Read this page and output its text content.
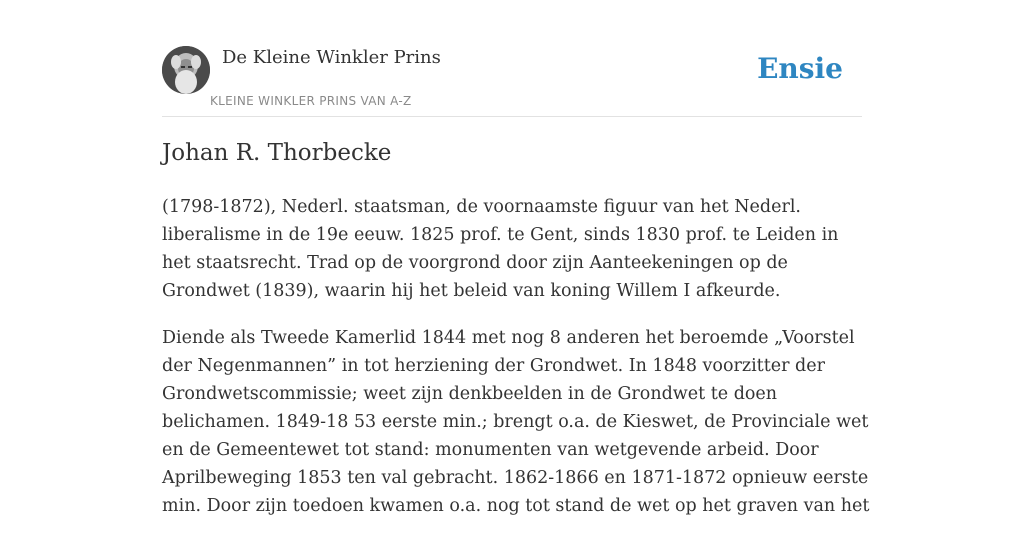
De Kleine Winkler Prins
KLEINE WINKLER PRINS VAN A-Z
Ensie
Johan R. Thorbecke

(1798-1872), Nederl. staatsman, de voornaamste figuur van het Nederl. liberalisme in de 19e eeuw. 1825 prof. te Gent, sinds 1830 prof. te Leiden in het staatsrecht. Trad op de voorgrond door zijn Aanteekeningen op de Grondwet (1839), waarin hij het beleid van koning Willem I afkeurde.

Diende als Tweede Kamerlid 1844 met nog 8 anderen het beroemde „Voorstel der Negenmannen” in tot herziening der Grondwet. In 1848 voorzitter der Grondwetscommissie; weet zijn denkbeelden in de Grondwet te doen belichamen. 1849-18 53 eerste min.; brengt o.a. de Kieswet, de Provinciale wet en de Gemeentewet tot stand: monumenten van wetgevende arbeid. Door Aprilbeweging 1853 ten val gebracht. 1862-1866 en 1871-1872 opnieuw eerste min. Door zijn toedoen kwamen o.a. nog tot stand de wet op het graven van het
